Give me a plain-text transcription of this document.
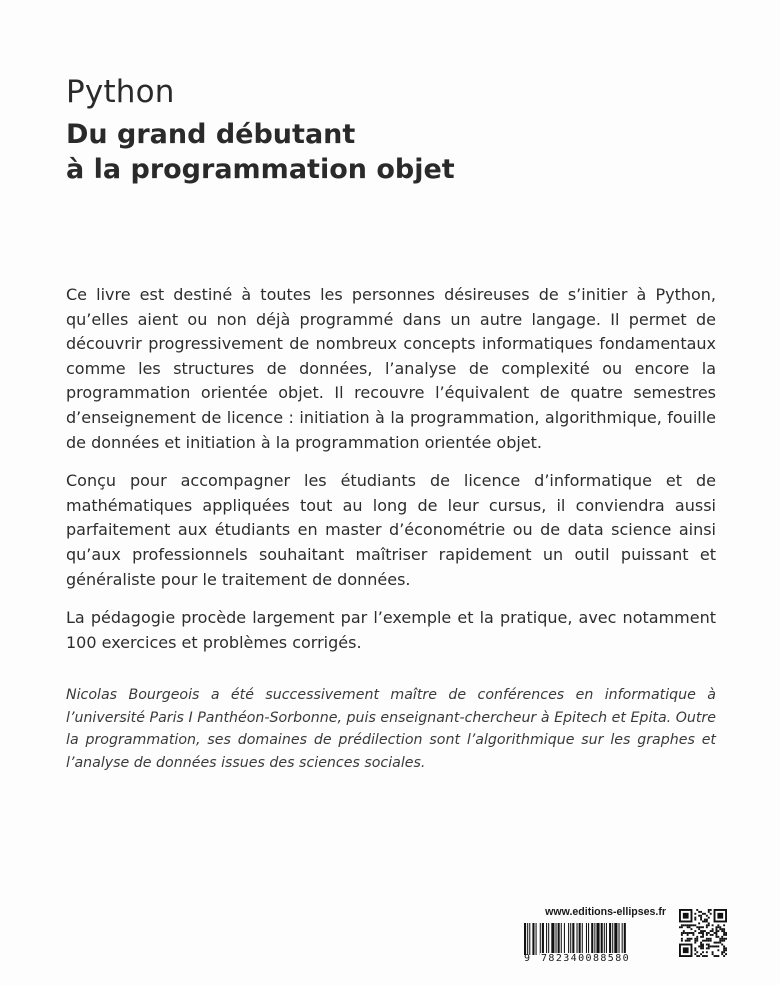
Python
Du grand débutant
à la programmation objet

Ce livre est destiné à toutes les personnes désireuses de s’initier à Python, qu’elles aient ou non déjà programmé dans un autre langage. Il permet de découvrir progressivement de nombreux concepts informatiques fondamentaux comme les structures de données, l’analyse de complexité ou encore la programmation orientée objet. Il recouvre l’équivalent de quatre semestres d’enseignement de licence : initiation à la programmation, algorithmique, fouille de données et initiation à la programmation orientée objet.

Conçu pour accompagner les étudiants de licence d’informatique et de mathématiques appliquées tout au long de leur cursus, il conviendra aussi parfaitement aux étudiants en master d’économétrie ou de data science ainsi qu’aux professionnels souhaitant maîtriser rapidement un outil puissant et généraliste pour le traitement de données.

La pédagogie procède largement par l’exemple et la pratique, avec notamment 100 exercices et problèmes corrigés.

Nicolas Bourgeois a été successivement maître de conférences en informatique à l’université Paris I Panthéon-Sorbonne, puis enseignant-chercheur à Epitech et Epita. Outre la programmation, ses domaines de prédilection sont l’algorithmique sur les graphes et l’analyse de données issues des sciences sociales.

www.editions-ellipses.fr
9 782340088580
